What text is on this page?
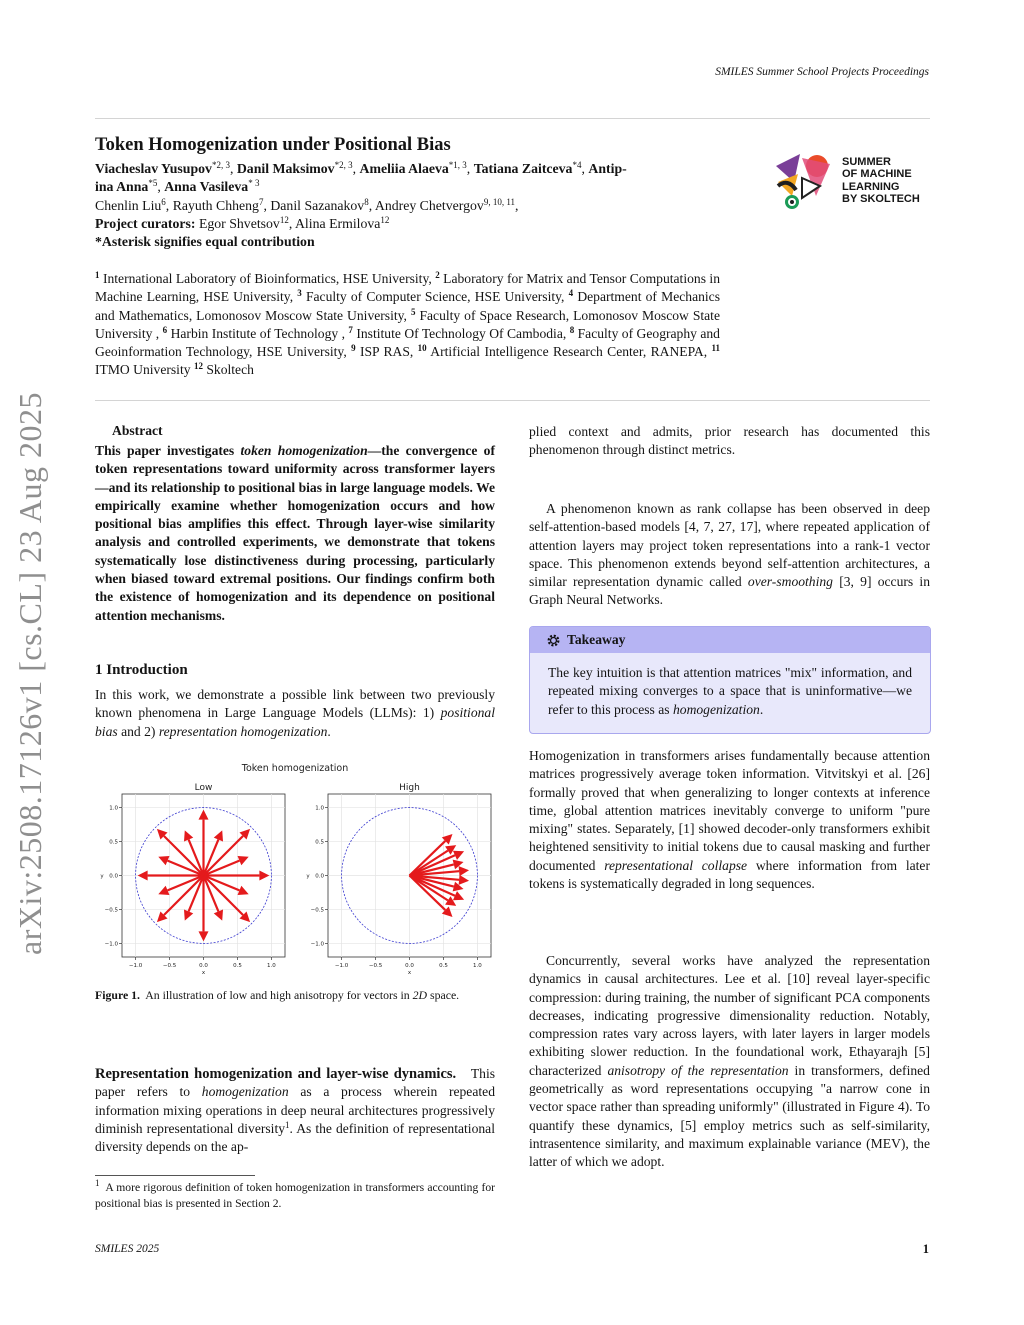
SMILES Summer School Projects Proceedings
Token Homogenization under Positional Bias
Viacheslav Yusupov$^{*2, 3}$, Danil Maksimov$^{*2, 3}$, Ameliia Alaeva$^{*1, 3}$, Tatiana Zaitceva$^{*4}$, Antip-
ina Anna$^{*5}$, Anna Vasileva$^{* 3}$
Chenlin Liu$^6$, Rayuth Chheng$^7$, Danil Sazanakov$^8$, Andrey Chetvergov$^{9, 10, 11}$,
Project curators: Egor Shvetsov$^{12}$, Alina Ermilova$^{12}$
*Asterisk signifies equal contribution
SUMMER
OF MACHINE
LEARNING
BY SKOLTECH
$^1$ International Laboratory of Bioinformatics, HSE University, $^2$ Laboratory for Matrix and Tensor Computations in Machine Learning, HSE University, $^3$ Faculty of Computer Science, HSE University, $^4$ Department of Mechanics and Mathematics, Lomonosov Moscow State University, $^5$ Faculty of Space Research, Lomonosov Moscow State University , $^6$ Harbin Institute of Technology , $^7$ Institute Of Technology Of Cambodia, $^8$ Faculty of Geography and Geoinformation Technology, HSE University, $^9$ ISP RAS, $^{10}$ Artificial Intelligence Research Center, RANEPA, $^{11}$ ITMO University $^{12}$ Skoltech
arXiv:2508.17126v1 [cs.CL] 23 Aug 2025	Abstract
This paper investigates token homogenization—the convergence of token representations toward uniformity across transformer layers—and its relationship to positional bias in large language models. We empirically examine whether homogenization occurs and how positional bias amplifies this effect. Through layer-wise similarity analysis and controlled experiments, we demonstrate that tokens systematically lose distinctiveness during processing, particularly when biased toward extremal positions. Our findings confirm both the existence of homogenization and its dependence on positional attention mechanisms.
1 Introduction
In this work, we demonstrate a possible link between two previously known phenomena in Large Language Models (LLMs): 1) positional bias and 2) representation homogenization.
Token homogenization
Low
−1.0	−0.5	0.0	0.5	1.0
−1.0
−0.5
0.0
0.5
1.0
x
y
High
−1.0	−0.5	0.0	0.5	1.0
−1.0
−0.5
0.0
0.5
1.0
x
y
Figure 1. An illustration of low and high anisotropy for vectors in 2D space.
Representation homogenization and layer-wise dynamics. This paper refers to homogenization as a process wherein repeated information mixing operations in deep neural architectures progressively diminish representational diversity$^1$. As the definition of representational diversity depends on the ap-
$^1$ A more rigorous definition of token homogenization in transformers accounting for positional bias is presented in Section 2.
plied context and admits, prior research has documented this phenomenon through distinct metrics.
A phenomenon known as rank collapse has been observed in deep self-attention-based models [4, 7, 27, 17], where repeated application of attention layers may project token representations into a rank-1 vector space. This phenomenon extends beyond self-attention architectures, a similar representation dynamic called over-smoothing [3, 9] occurs in Graph Neural Networks.
Takeaway
The key intuition is that attention matrices "mix" information, and repeated mixing converges to a space that is uninformative—we refer to this process as homogenization.
Homogenization in transformers arises fundamentally because attention matrices progressively average token information. Vitvitskyi et al. [26] formally proved that when generalizing to longer contexts at inference time, global attention matrices inevitably converge to uniform "pure mixing" states. Separately, [1] showed decoder-only transformers exhibit heightened sensitivity to initial tokens due to causal masking and further documented representational collapse where information from later tokens is systematically degraded in long sequences.
Concurrently, several works have analyzed the representation dynamics in causal architectures. Lee et al. [10] reveal layer-specific compression: during training, the number of significant PCA components decreases, indicating progressive dimensionality reduction. Notably, compression rates vary across layers, with later layers in larger models exhibiting slower reduction. In the foundational work, Ethayarajh [5] characterized anisotropy of the representation in transformers, defined geometrically as word representations occupying "a narrow cone in vector space rather than spreading uniformly" (illustrated in Figure 4). To quantify these dynamics, [5] employ metrics such as self-similarity, intrasentence similarity, and maximum explainable variance (MEV), the latter of which we adopt.
SMILES 2025	1
